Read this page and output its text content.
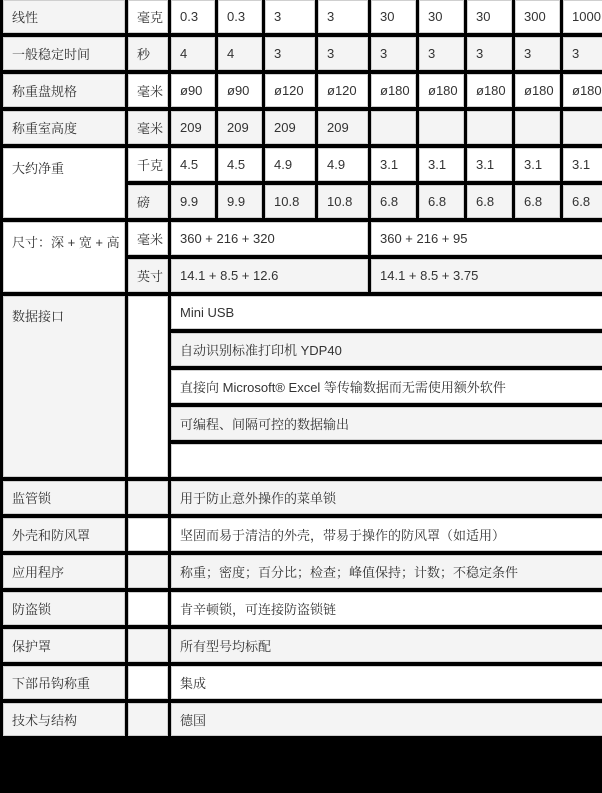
线性	毫克	0.3	0.3	3	3	30	30	30	300	1000
一般稳定时间	秒	4	4	3	3	3	3	3	3	3
称重盘规格	毫米	ø90	ø90	ø120	ø120	ø180	ø180	ø180	ø180	ø180
称重室高度	毫米	209	209	209	209					
大约净重	千克	4.5	4.5	4.9	4.9	3.1	3.1	3.1	3.1	3.1
	磅	9.9	9.9	10.8	10.8	6.8	6.8	6.8	6.8	6.8
尺寸：深 + 宽 + 高	毫米	360 + 216 + 320				360 + 216 + 95				
	英寸	14.1 + 8.5 + 12.6				14.1 + 8.5 + 3.75				
数据接口		Mini USB								
		自动识别标准打印机 YDP40								
		直接向 Microsoft® Excel 等传输数据而无需使用额外软件								
		可编程、间隔可控的数据输出								

监管锁		用于防止意外操作的菜单锁								
外壳和防风罩		坚固而易于清洁的外壳，带易于操作的防风罩（如适用）								
应用程序		称重；密度；百分比；检查；峰值保持；计数；不稳定条件								
防盗锁		肯辛顿锁，可连接防盗锁链								
保护罩		所有型号均标配								
下部吊钩称重		集成								
技术与结构		德国								
